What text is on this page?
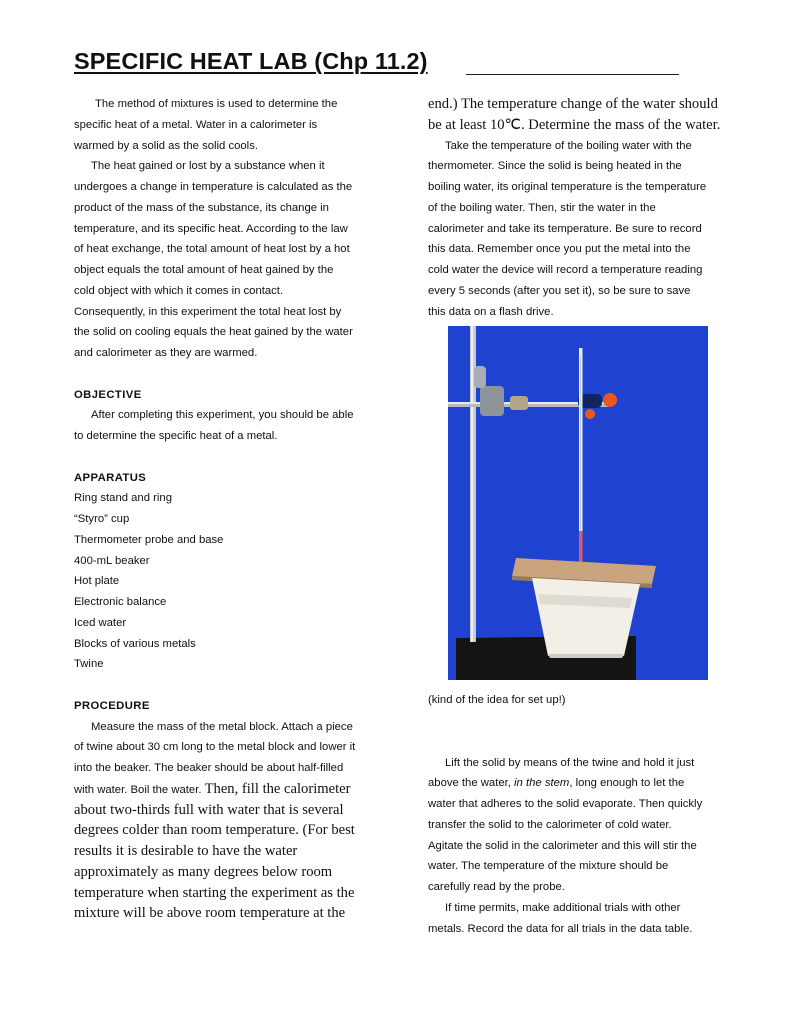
SPECIFIC HEAT LAB (Chp 11.2)
The method of mixtures is used to determine the
specific heat of a metal. Water in a calorimeter is
warmed by a solid as the solid cools.
The heat gained or lost by a substance when it
undergoes a change in temperature is calculated as the
product of the mass of the substance, its change in
temperature, and its specific heat. According to the law
of heat exchange, the total amount of heat lost by a hot
object equals the total amount of heat gained by the
cold object with which it comes in contact.
Consequently, in this experiment the total heat lost by
the solid on cooling equals the heat gained by the water
and calorimeter as they are warmed.
OBJECTIVE
After completing this experiment, you should be able
to determine the specific heat of a metal.
APPARATUS
Ring stand and ring
“Styro” cup
Thermometer probe and base
400-mL beaker
Hot plate
Electronic balance
Iced water
Blocks of various metals
Twine
PROCEDURE
Measure the mass of the metal block. Attach a piece
of twine about 30 cm long to the metal block and lower it
into the beaker. The beaker should be about half-filled
with water. Boil the water. Then, fill the calorimeter
about two-thirds full with water that is several
degrees colder than room temperature. (For best
results it is desirable to have the water
approximately as many degrees below room
temperature when starting the experiment as the
mixture will be above room temperature at the
end.) The temperature change of the water should
be at least 10℃. Determine the mass of the water.
Take the temperature of the boiling water with the
thermometer. Since the solid is being heated in the
boiling water, its original temperature is the temperature
of the boiling water. Then, stir the water in the
calorimeter and take its temperature. Be sure to record
this data. Remember once you put the metal into the
cold water the device will record a temperature reading
every 5 seconds (after you set it), so be sure to save
this data on a flash drive.
(kind of the idea for set up!)
Lift the solid by means of the twine and hold it just
above the water, in the stem, long enough to let the
water that adheres to the solid evaporate. Then quickly
transfer the solid to the calorimeter of cold water.
Agitate the solid in the calorimeter and this will stir the
water. The temperature of the mixture should be
carefully read by the probe.
If time permits, make additional trials with other
metals. Record the data for all trials in the data table.
